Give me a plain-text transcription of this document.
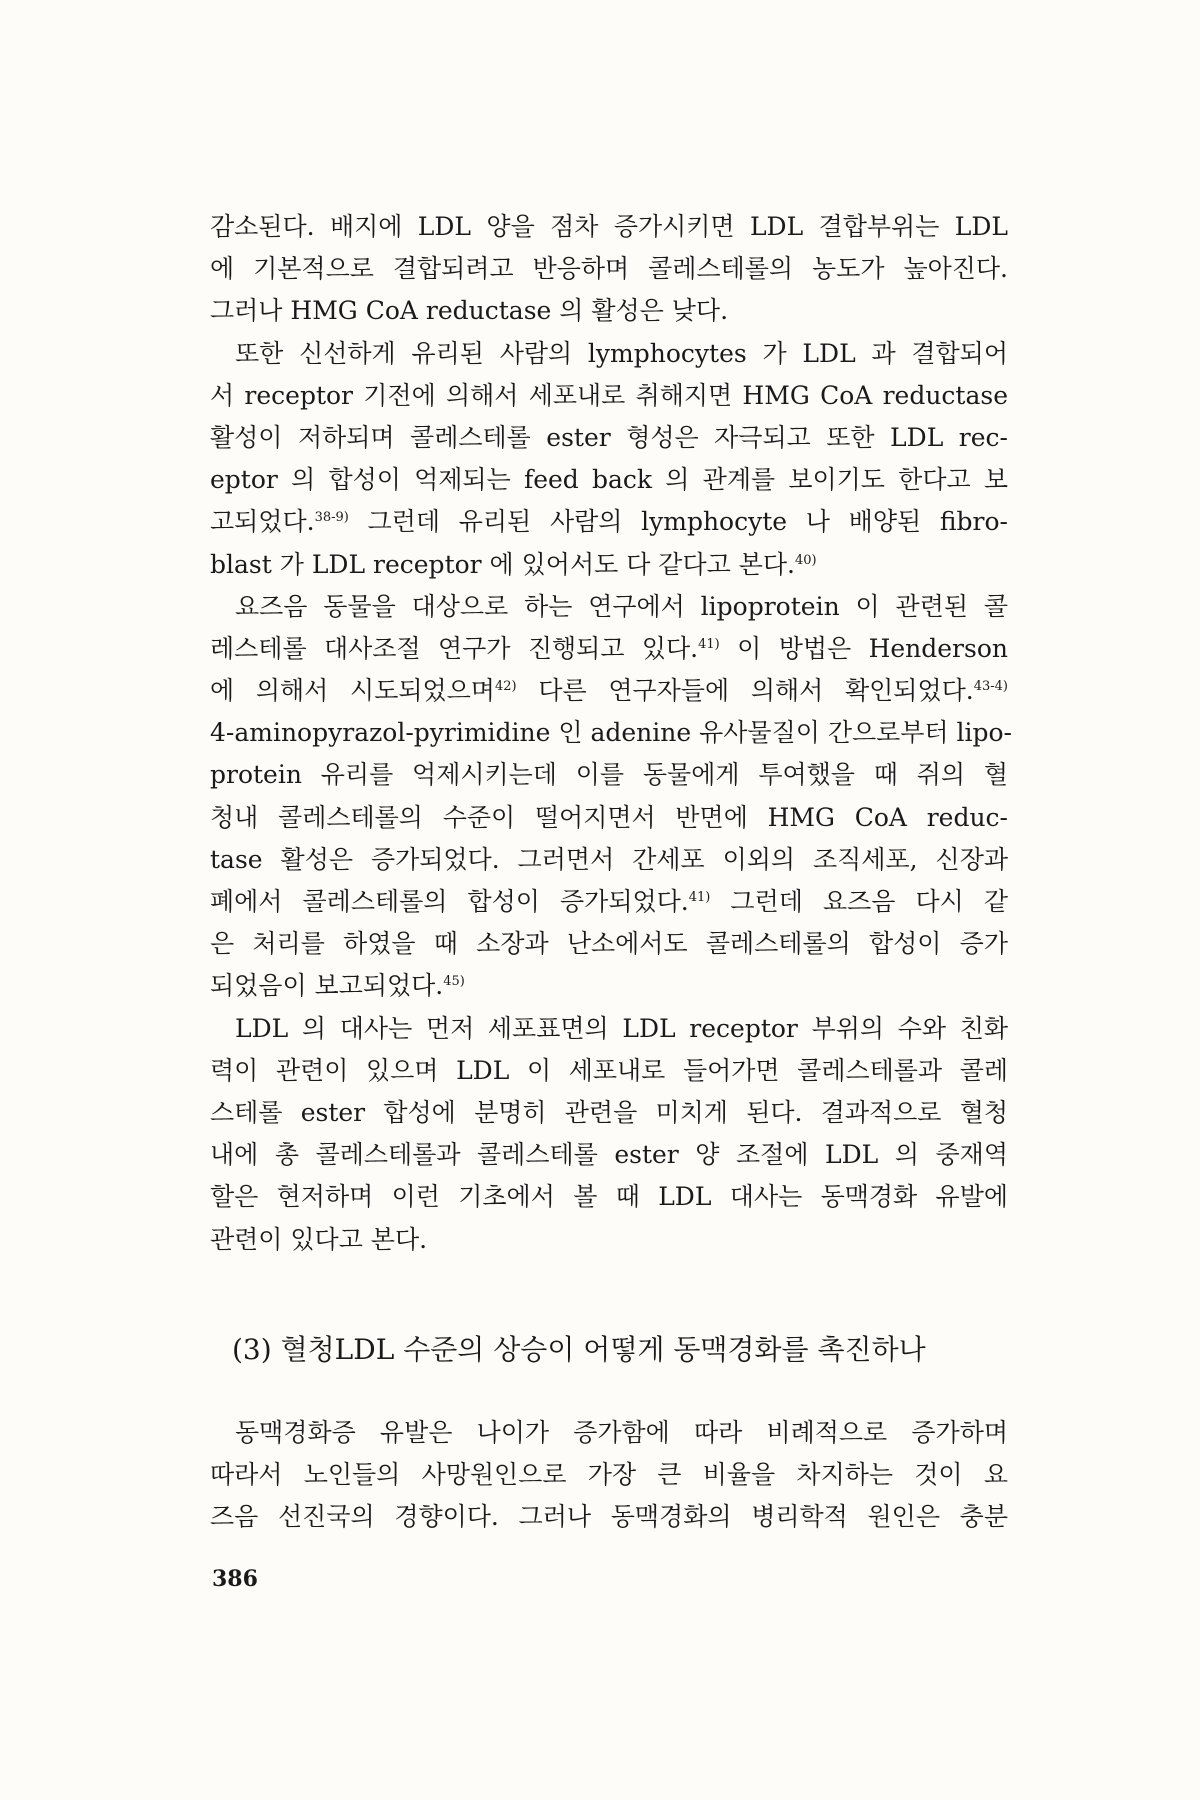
감소된다. 배지에 LDL 양을 점차 증가시키면 LDL 결합부위는 LDL
에 기본적으로 결합되려고 반응하며 콜레스테롤의 농도가 높아진다.
그러나 HMG CoA reductase 의 활성은 낮다.
또한 신선하게 유리된 사람의 lymphocytes 가 LDL 과 결합되어
서 receptor 기전에 의해서 세포내로 취해지면 HMG CoA reductase
활성이 저하되며 콜레스테롤 ester 형성은 자극되고 또한 LDL rec-
eptor 의 합성이 억제되는 feed back 의 관계를 보이기도 한다고 보
고되었다.$^{38-9)}$ 그런데 유리된 사람의 lymphocyte 나 배양된 fibro-
blast 가 LDL receptor 에 있어서도 다 같다고 본다.$^{40)}$
요즈음 동물을 대상으로 하는 연구에서 lipoprotein 이 관련된 콜
레스테롤 대사조절 연구가 진행되고 있다.$^{41)}$ 이 방법은 Henderson
에 의해서 시도되었으며$^{42)}$ 다른 연구자들에 의해서 확인되었다.$^{43-4)}$
4-aminopyrazol-pyrimidine 인 adenine 유사물질이 간으로부터 lipo-
protein 유리를 억제시키는데 이를 동물에게 투여했을 때 쥐의 혈
청내 콜레스테롤의 수준이 떨어지면서 반면에 HMG CoA reduc-
tase 활성은 증가되었다. 그러면서 간세포 이외의 조직세포, 신장과
폐에서 콜레스테롤의 합성이 증가되었다.$^{41)}$ 그런데 요즈음 다시 같
은 처리를 하였을 때 소장과 난소에서도 콜레스테롤의 합성이 증가
되었음이 보고되었다.$^{45)}$
LDL 의 대사는 먼저 세포표면의 LDL receptor 부위의 수와 친화
력이 관련이 있으며 LDL 이 세포내로 들어가면 콜레스테롤과 콜레
스테롤 ester 합성에 분명히 관련을 미치게 된다. 결과적으로 혈청
내에 총 콜레스테롤과 콜레스테롤 ester 양 조절에 LDL 의 중재역
할은 현저하며 이런 기초에서 볼 때 LDL 대사는 동맥경화 유발에
관련이 있다고 본다.
(3) 혈청LDL 수준의 상승이 어떻게 동맥경화를 촉진하나
동맥경화증 유발은 나이가 증가함에 따라 비례적으로 증가하며
따라서 노인들의 사망원인으로 가장 큰 비율을 차지하는 것이 요
즈음 선진국의 경향이다. 그러나 동맥경화의 병리학적 원인은 충분
386
